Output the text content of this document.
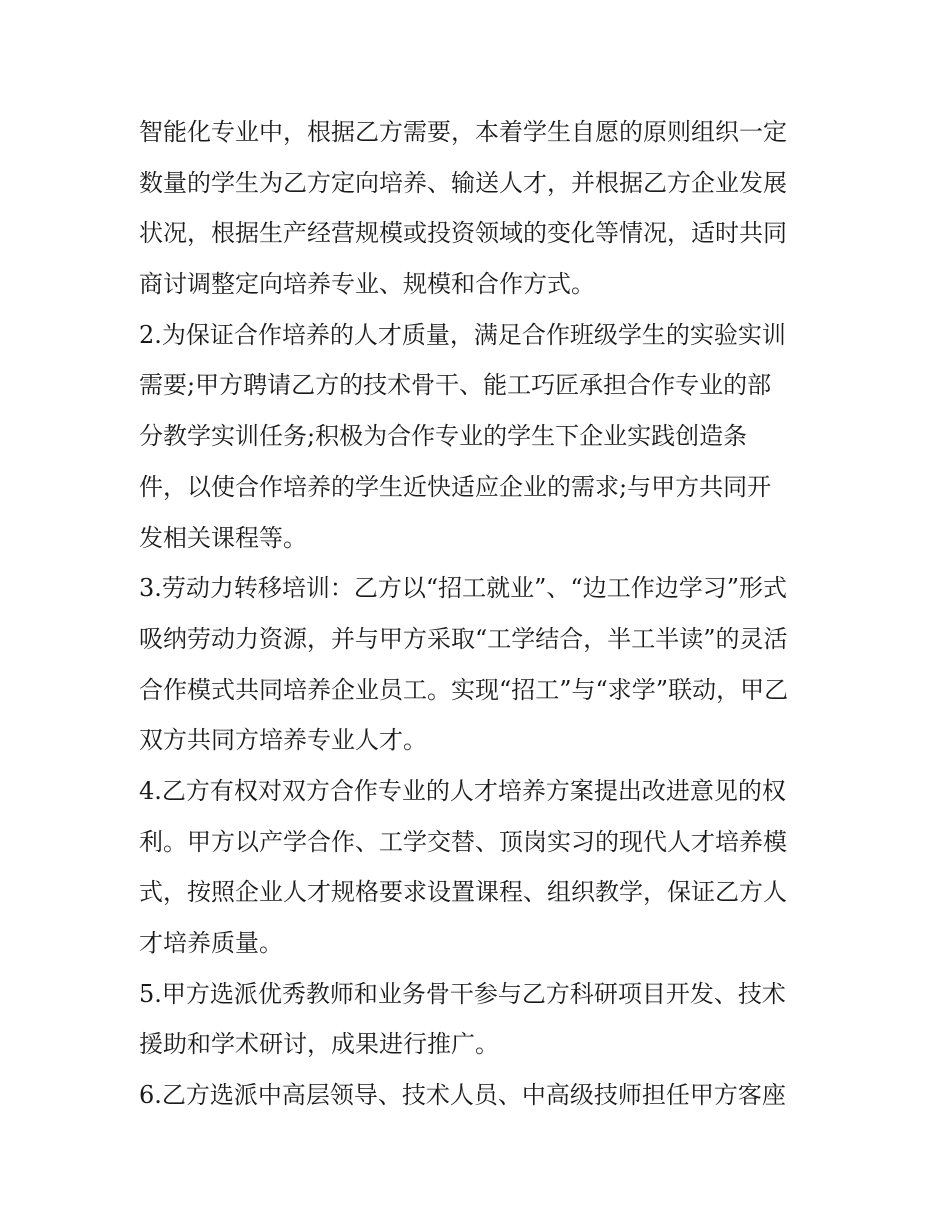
智能化专业中，根据乙方需要，本着学生自愿的原则组织一定
数量的学生为乙方定向培养、输送人才，并根据乙方企业发展
状况，根据生产经营规模或投资领域的变化等情况，适时共同
商讨调整定向培养专业、规模和合作方式。
2.为保证合作培养的人才质量，满足合作班级学生的实验实训
需要;甲方聘请乙方的技术骨干、能工巧匠承担合作专业的部
分教学实训任务;积极为合作专业的学生下企业实践创造条
件，以使合作培养的学生近快适应企业的需求;与甲方共同开
发相关课程等。
3.劳动力转移培训：乙方以“招工就业”、“边工作边学习”形式
吸纳劳动力资源，并与甲方采取“工学结合，半工半读”的灵活
合作模式共同培养企业员工。实现“招工”与“求学”联动，甲乙
双方共同方培养专业人才。
4.乙方有权对双方合作专业的人才培养方案提出改进意见的权
利。甲方以产学合作、工学交替、顶岗实习的现代人才培养模
式，按照企业人才规格要求设置课程、组织教学，保证乙方人
才培养质量。
5.甲方选派优秀教师和业务骨干参与乙方科研项目开发、技术
援助和学术研讨，成果进行推广。
6.乙方选派中高层领导、技术人员、中高级技师担任甲方客座
